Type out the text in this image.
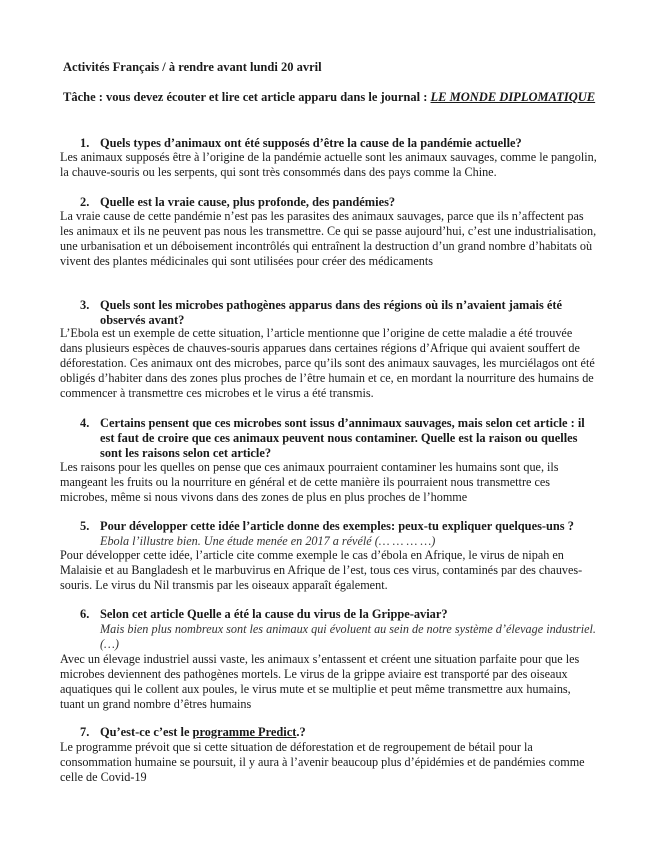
Activités Français / à rendre avant lundi 20 avril
Tâche : vous devez écouter et lire cet article apparu dans le journal : LE MONDE DIPLOMATIQUE
1. Quels types d’animaux ont été supposés d’être la cause de la pandémie actuelle?
Les animaux supposés être à l’origine de la pandémie actuelle sont les animaux sauvages, comme le pangolin, la chauve-souris ou les serpents, qui sont très consommés dans des pays comme la Chine.
2. Quelle est la vraie cause, plus profonde, des pandémies?
La vraie cause de cette pandémie n’est pas les parasites des animaux sauvages, parce que ils n’affectent pas les animaux et ils ne peuvent pas nous les transmettre. Ce qui se passe aujourd’hui, c’est une industrialisation, une urbanisation et un déboisement incontrôlés qui entraînent la destruction d’un grand nombre d’habitats où vivent des plantes médicinales qui sont utilisées pour créer des médicaments
3. Quels sont les microbes pathogènes apparus dans des régions où ils n’avaient jamais été observés avant?
L’Ebola est un exemple de cette situation, l’article mentionne que l’origine de cette maladie a été trouvée dans plusieurs espèces de chauves-souris apparues dans certaines régions d’Afrique qui avaient souffert de déforestation. Ces animaux ont des microbes, parce qu’ils sont des animaux sauvages, les murciélagos ont été obligés d’habiter dans des zones plus proches de l’être humain et ce, en mordant la nourriture des humains de commencer à transmettre ces microbes et le virus a été transmis.
4. Certains pensent que ces microbes sont issus d’annimaux sauvages, mais selon cet article : il est faut de croire que ces animaux peuvent nous contaminer. Quelle est la raison ou quelles sont les raisons selon cet article?
Les raisons pour les quelles on pense que ces animaux pourraient contaminer les humains sont que, ils mangeant les fruits ou la nourriture en général et de cette manière ils pourraient nous transmettre ces microbes, même si nous vivons dans des zones de plus en plus proches de l’homme
5. Pour développer cette idée l’article donne des exemples: peux-tu expliquer quelques-uns ?
Ebola l’illustre bien. Une étude menée en 2017 a révélé (… … … …)
Pour développer cette idée, l’article cite comme exemple le cas d’ébola en Afrique, le virus de nipah en Malaisie et au Bangladesh et le marbuvirus en Afrique de l’est, tous ces virus, contaminés par des chauves-souris. Le virus du Nil transmis par les oiseaux apparaît également.
6. Selon cet article Quelle a été la cause du virus de la Grippe-aviar?
Mais bien plus nombreux sont les animaux qui évoluent au sein de notre système d’élevage industriel. (…)
Avec un élevage industriel aussi vaste, les animaux s’entassent et créent une situation parfaite pour que les microbes deviennent des pathogènes mortels. Le virus de la grippe aviaire est transporté par des oiseaux aquatiques qui le collent aux poules, le virus mute et se multiplie et peut même transmettre aux humains, tuant un grand nombre d’êtres humains
7. Qu’est-ce c’est le programme Predict.?
Le programme prévoit que si cette situation de déforestation et de regroupement de bétail pour la consommation humaine se poursuit, il y aura à l’avenir beaucoup plus d’épidémies et de pandémies comme celle de Covid-19
